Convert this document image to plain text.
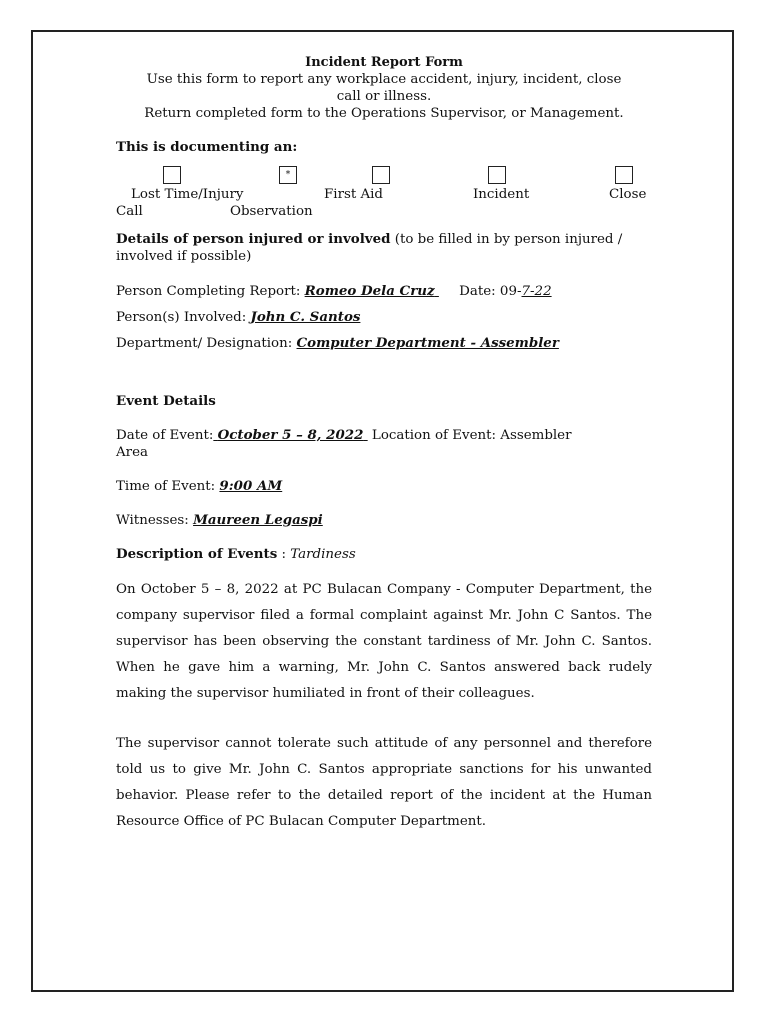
Incident Report Form
Use this form to report any workplace accident, injury, incident, close
call or illness.
Return completed form to the Operations Supervisor, or Management.
This is documenting an:
*
Lost Time/Injury	First Aid	Incident	Close
Call	Observation
Details of person injured or involved (to be filled in by person injured / involved if possible)
Person Completing Report: Romeo Dela Cruz Date: 09-7-22
Person(s) Involved: John C. Santos
Department/ Designation: Computer Department - Assembler
Event Details
Date of Event: October 5 – 8, 2022 Location of Event: Assembler
Area
Time of Event: 9:00 AM
Witnesses: Maureen Legaspi
Description of Events : Tardiness
On October 5 – 8, 2022 at PC Bulacan Company - Computer Department, the company supervisor filed a formal complaint against Mr. John C Santos. The supervisor has been observing the constant tardiness of Mr. John C. Santos. When he gave him a warning, Mr. John C. Santos answered back rudely making the supervisor humiliated in front of their colleagues.
The supervisor cannot tolerate such attitude of any personnel and therefore told us to give Mr. John C. Santos appropriate sanctions for his unwanted behavior. Please refer to the detailed report of the incident at the Human Resource Office of PC Bulacan Computer Department.
